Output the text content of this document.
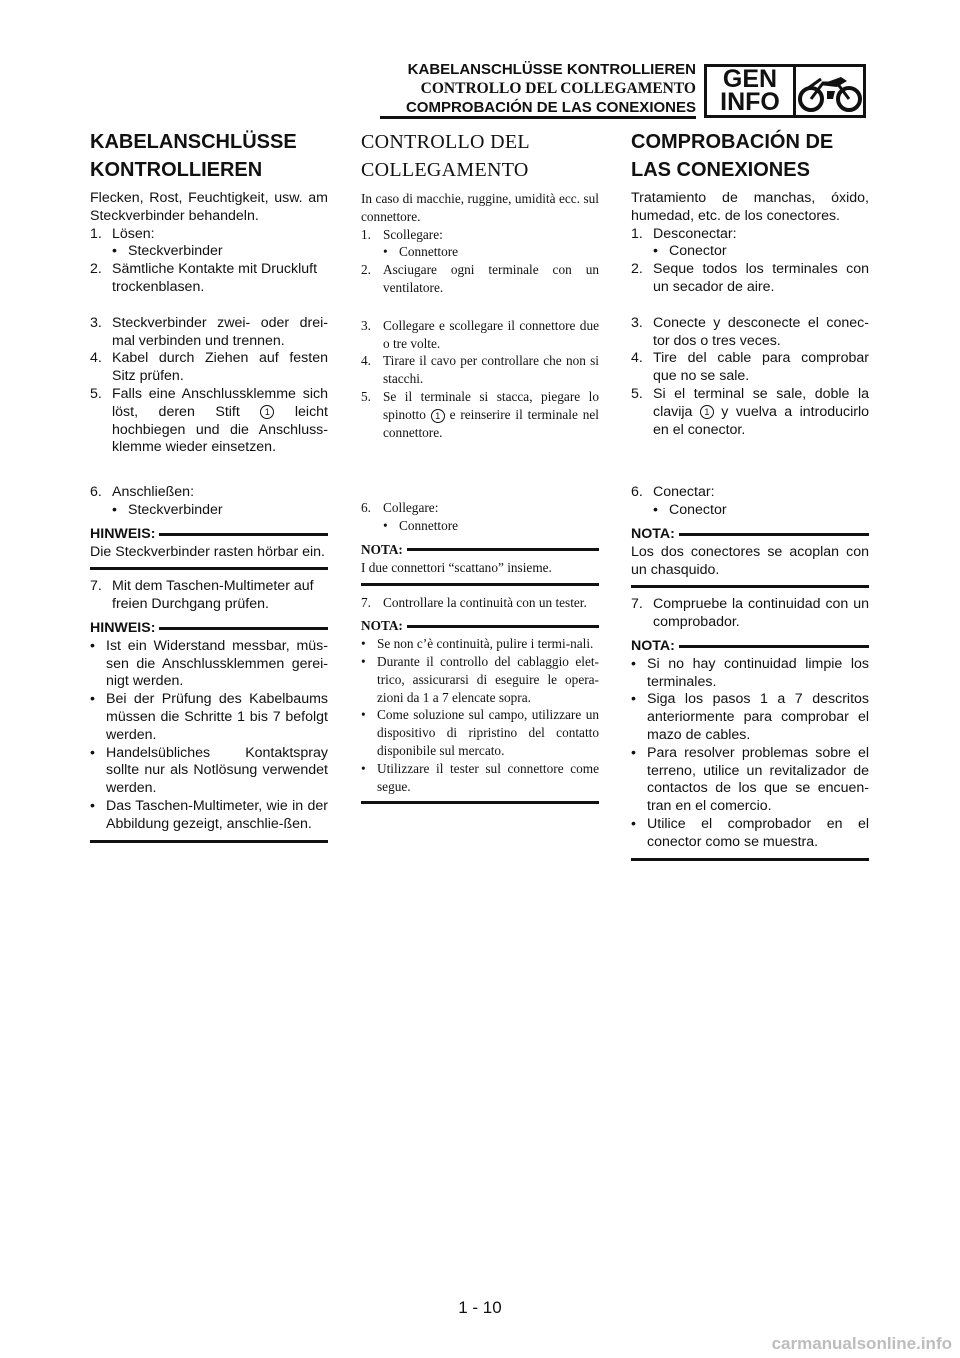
KABELANSCHLÜSSE KONTROLLIEREN
CONTROLLO DEL COLLEGAMENTO
COMPROBACIÓN DE LAS CONEXIONES
GEN
INFO
KABELANSCHLÜSSE KONTROLLIEREN

Flecken, Rost, Feuchtigkeit, usw. am Steckverbinder behandeln.

1. Lösen:
• Steckverbinder
2. Sämtliche Kontakte mit Druckluft trockenblasen.
3. Steckverbinder zwei- oder drei-mal verbinden und trennen.
4. Kabel durch Ziehen auf festen Sitz prüfen.
5. Falls eine Anschlussklemme sich löst, deren Stift 1 leicht hochbiegen und die Anschluss-klemme wieder einsetzen.
6. Anschließen:
• Steckverbinder
HINWEIS:

Die Steckverbinder rasten hörbar ein.

7. Mit dem Taschen-Multimeter auf freien Durchgang prüfen.
HINWEIS:
• Ist ein Widerstand messbar, müs-sen die Anschlussklemmen gerei-nigt werden.
• Bei der Prüfung des Kabelbaums müssen die Schritte 1 bis 7 befolgt werden.
• Handelsübliches Kontaktspray sollte nur als Notlösung verwendet werden.
• Das Taschen-Multimeter, wie in der Abbildung gezeigt, anschlie-ßen.
CONTROLLO DEL COLLEGAMENTO

In caso di macchie, ruggine, umidità ecc. sul connettore.

1. Scollegare:
• Connettore
2. Asciugare ogni terminale con un ventilatore.
3. Collegare e scollegare il connettore due o tre volte.
4. Tirare il cavo per controllare che non si stacchi.
5. Se il terminale si stacca, piegare lo spinotto 1 e reinserire il terminale nel connettore.
6. Collegare:
• Connettore
NOTA:

I due connettori “scattano” insieme.

7. Controllare la continuità con un tester.
NOTA:
• Se non c’è continuità, pulire i termi-nali.
• Durante il controllo del cablaggio elet-trico, assicurarsi di eseguire le opera-zioni da 1 a 7 elencate sopra.
• Come soluzione sul campo, utilizzare un dispositivo di ripristino del contatto disponibile sul mercato.
• Utilizzare il tester sul connettore come segue.
COMPROBACIÓN DE LAS CONEXIONES

Tratamiento de manchas, óxido, humedad, etc. de los conectores.

1. Desconectar:
• Conector
2. Seque todos los terminales con un secador de aire.
3. Conecte y desconecte el conec-tor dos o tres veces.
4. Tire del cable para comprobar que no se sale.
5. Si el terminal se sale, doble la clavija 1 y vuelva a introducirlo en el conector.
6. Conectar:
• Conector
NOTA:

Los dos conectores se acoplan con un chasquido.

7. Compruebe la continuidad con un comprobador.
NOTA:
• Si no hay continuidad limpie los terminales.
• Siga los pasos 1 a 7 descritos anteriormente para comprobar el mazo de cables.
• Para resolver problemas sobre el terreno, utilice un revitalizador de contactos de los que se encuen-tran en el comercio.
• Utilice el comprobador en el conector como se muestra.
1 - 10
carmanualsonline.info
